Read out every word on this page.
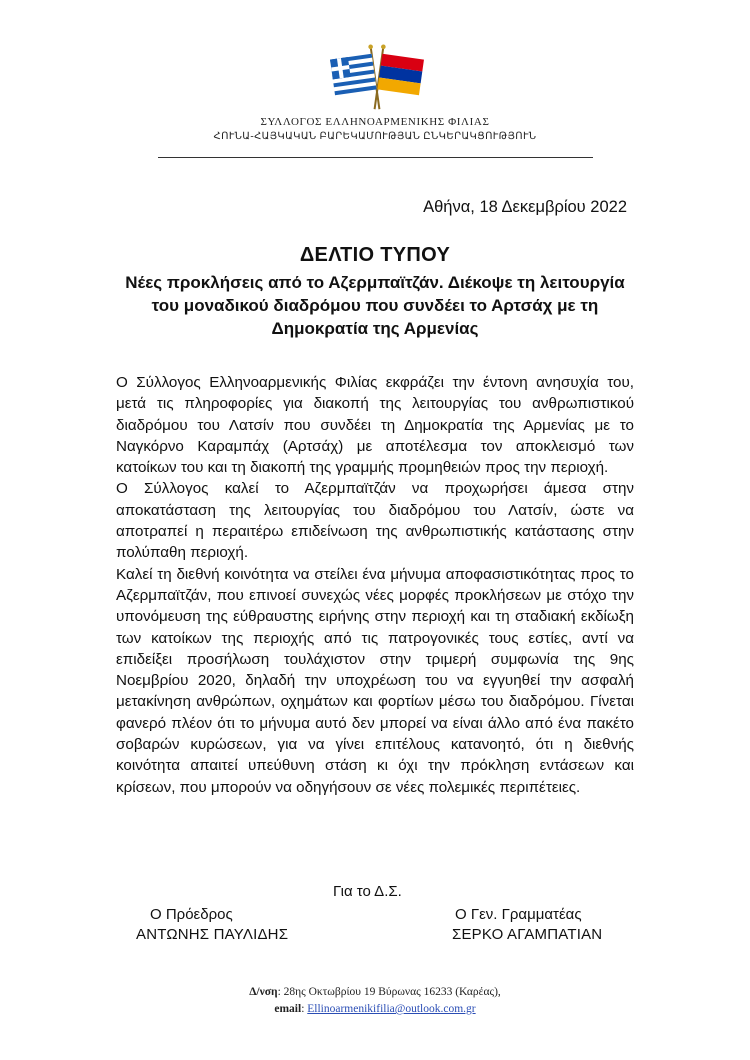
ΣΥΛΛΟΓΟΣ ΕΛΛΗΝΟΑΡΜΕΝΙΚΗΣ ΦΙΛΙΑΣ
ՀՈՒՆԱ-ՀԱՅԿԱԿԱՆ ԲԱՐԵԿԱՄՈՒԹՅԱՆ ԸՆԿԵՐԱԿՑՈՒԹՅՈՒՆ
Αθήνα, 18 Δεκεμβρίου 2022
ΔΕΛΤΙΟ ΤΥΠΟΥ
Νέες προκλήσεις από το Αζερμπαϊτζάν. Διέκοψε τη λειτουργία του μοναδικού διαδρόμου που συνδέει το Αρτσάχ με τη Δημοκρατία της Αρμενίας

Ο Σύλλογος Ελληνοαρμενικής Φιλίας εκφράζει την έντονη ανησυχία του, μετά τις πληροφορίες για διακοπή της λειτουργίας του ανθρωπιστικού διαδρόμου του Λατσίν που συνδέει τη Δημοκρατία της Αρμενίας με το Ναγκόρνο Καραμπάχ (Αρτσάχ) με αποτέλεσμα τον αποκλεισμό των κατοίκων του και τη διακοπή της γραμμής προμηθειών προς την περιοχή.

Ο Σύλλογος καλεί το Αζερμπαϊτζάν να προχωρήσει άμεσα στην αποκατάσταση της λειτουργίας του διαδρόμου του Λατσίν, ώστε να αποτραπεί η περαιτέρω επιδείνωση της ανθρωπιστικής κατάστασης στην πολύπαθη περιοχή.

Καλεί τη διεθνή κοινότητα να στείλει ένα μήνυμα αποφασιστικότητας προς το Αζερμπαϊτζάν, που επινοεί συνεχώς νέες μορφές προκλήσεων με στόχο την υπονόμευση της εύθραυστης ειρήνης στην περιοχή και τη σταδιακή εκδίωξη των κατοίκων της περιοχής από τις πατρογονικές τους εστίες, αντί να επιδείξει προσήλωση τουλάχιστον στην τριμερή συμφωνία της 9ης Νοεμβρίου 2020, δηλαδή την υποχρέωση του να εγγυηθεί την ασφαλή μετακίνηση ανθρώπων, οχημάτων και φορτίων μέσω του διαδρόμου. Γίνεται φανερό πλέον ότι το μήνυμα αυτό δεν μπορεί να είναι άλλο από ένα πακέτο σοβαρών κυρώσεων, για να γίνει επιτέλους κατανοητό, ότι η διεθνής κοινότητα απαιτεί υπεύθυνη στάση κι όχι την πρόκληση εντάσεων και κρίσεων, που μπορούν να οδηγήσουν σε νέες πολεμικές περιπέτειες.

Για το Δ.Σ.
Ο Πρόεδρος
ΑΝΤΩΝΗΣ ΠΑΥΛΙΔΗΣ
Ο Γεν. Γραμματέας
ΣΕΡΚΟ ΑΓΑΜΠΑΤΙΑΝ
Δ/νση: 28ης Οκτωβρίου 19 Βύρωνας 16233 (Καρέας),
email: Ellinoarmenikifilia@outlook.com.gr
